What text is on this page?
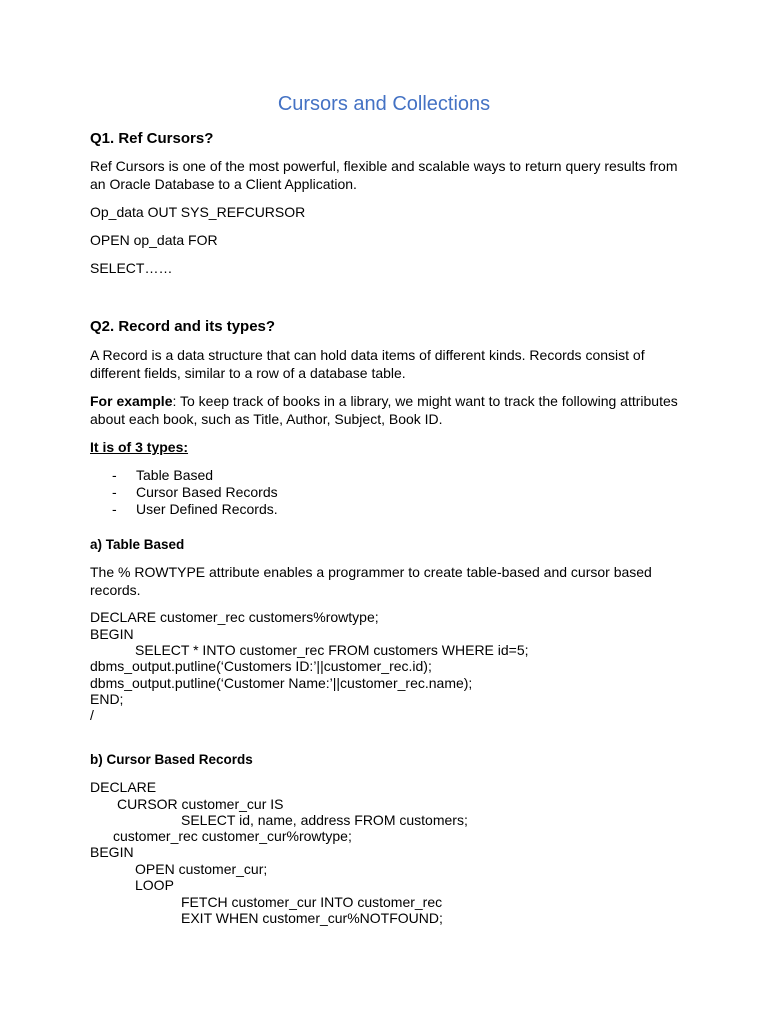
Cursors and Collections
Q1. Ref Cursors?
Ref Cursors is one of the most powerful, flexible and scalable ways to return query results from
an Oracle Database to a Client Application.
Op_data OUT SYS_REFCURSOR
OPEN op_data FOR
SELECT……
Q2. Record and its types?
A Record is a data structure that can hold data items of different kinds. Records consist of
different fields, similar to a row of a database table.
For example: To keep track of books in a library, we might want to track the following attributes
about each book, such as Title, Author, Subject, Book ID.
It is of 3 types:
- Table Based
- Cursor Based Records
- User Defined Records.
a) Table Based
The % ROWTYPE attribute enables a programmer to create table-based and cursor based
records.
DECLARE customer_rec customers%rowtype;
BEGIN
SELECT * INTO customer_rec FROM customers WHERE id=5;
dbms_output.putline(‘Customers ID:’||customer_rec.id);
dbms_output.putline(‘Customer Name:’||customer_rec.name);
END;
/
b) Cursor Based Records
DECLARE
CURSOR customer_cur IS
SELECT id, name, address FROM customers;
customer_rec customer_cur%rowtype;
BEGIN
OPEN customer_cur;
LOOP
FETCH customer_cur INTO customer_rec
EXIT WHEN customer_cur%NOTFOUND;
